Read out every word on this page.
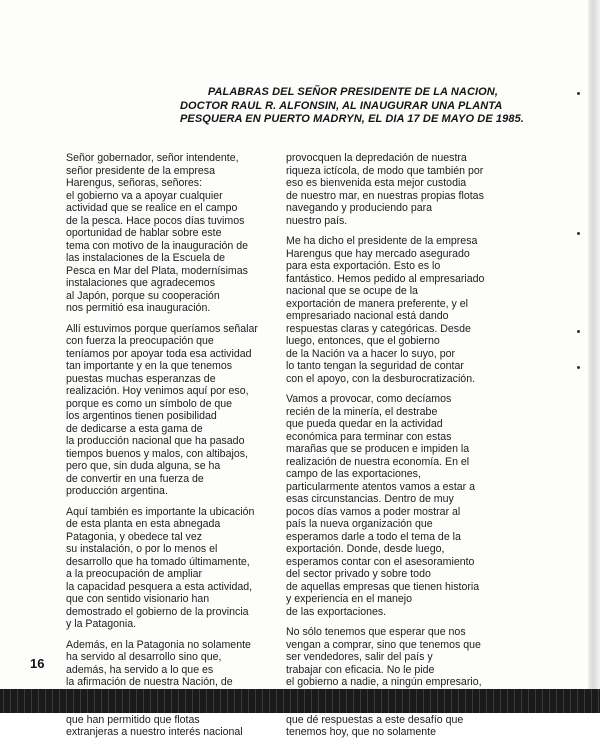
PALABRAS DEL SEÑOR PRESIDENTE DE LA NACION,
DOCTOR RAUL R. ALFONSIN, AL INAUGURAR UNA PLANTA
PESQUERA EN PUERTO MADRYN, EL DIA 17 DE MAYO DE 1985.
Señor gobernador, señor intendente,
señor presidente de la empresa
Harengus, señoras, señores:
el gobierno va a apoyar cualquier
actividad que se realice en el campo
de la pesca. Hace pocos días tuvimos
oportunidad de hablar sobre este
tema con motivo de la inauguración de
las instalaciones de la Escuela de
Pesca en Mar del Plata, modernísimas
instalaciones que agradecemos
al Japón, porque su cooperación
nos permitió esa inauguración.
Allí estuvimos porque queríamos señalar
con fuerza la preocupación que
teníamos por apoyar toda esa actividad
tan importante y en la que tenemos
puestas muchas esperanzas de
realización. Hoy venimos aquí por eso,
porque es como un símbolo de que
los argentinos tienen posibilidad
de dedicarse a esta gama de
la producción nacional que ha pasado
tiempos buenos y malos, con altibajos,
pero que, sin duda alguna, se ha
de convertir en una fuerza de
producción argentina.
Aquí también es importante la ubicación
de esta planta en esta abnegada
Patagonia, y obedece tal vez
su instalación, o por lo menos el
desarrollo que ha tomado últimamente,
a la preocupación de ampliar
la capacidad pesquera a esta actividad,
que con sentido visionario han
demostrado el gobierno de la provincia
y la Patagonia.
Además, en la Patagonia no solamente
ha servido al desarrollo sino que,
además, ha servido a lo que es
la afirmación de nuestra Nación, de
que han permitido que flotas
extranjeras a nuestro interés nacional
provocquen la depredación de nuestra
riqueza ictícola, de modo que también por
eso es bienvenida esta mejor custodia
de nuestro mar, en nuestras propias flotas
navegando y produciendo para
nuestro país.
Me ha dicho el presidente de la empresa
Harengus que hay mercado asegurado
para esta exportación. Esto es lo
fantástico. Hemos pedido al empresariado
nacional que se ocupe de la
exportación de manera preferente, y el
empresariado nacional está dando
respuestas claras y categóricas. Desde
luego, entonces, que el gobierno
de la Nación va a hacer lo suyo, por
lo tanto tengan la seguridad de contar
con el apoyo, con la desburocratización.
Vamos a provocar, como decíamos
recién de la minería, el destrabe
que pueda quedar en la actividad
económica para terminar con estas
marañas que se producen e impiden la
realización de nuestra economía. En el
campo de las exportaciones,
particularmente atentos vamos a estar a
esas circunstancias. Dentro de muy
pocos días vamos a poder mostrar al
país la nueva organización que
esperamos darle a todo el tema de la
exportación. Donde, desde luego,
esperamos contar con el asesoramiento
del sector privado y sobre todo
de aquellas empresas que tienen historia
y experiencia en el manejo
de las exportaciones.
No sólo tenemos que esperar que nos
vengan a comprar, sino que tenemos que
ser vendedores, salir del país y
trabajar con eficacia. No le pide
el gobierno a nadie, a ningún empresario,
que dé respuestas a este desafío que
tenemos hoy, que no solamente
16
